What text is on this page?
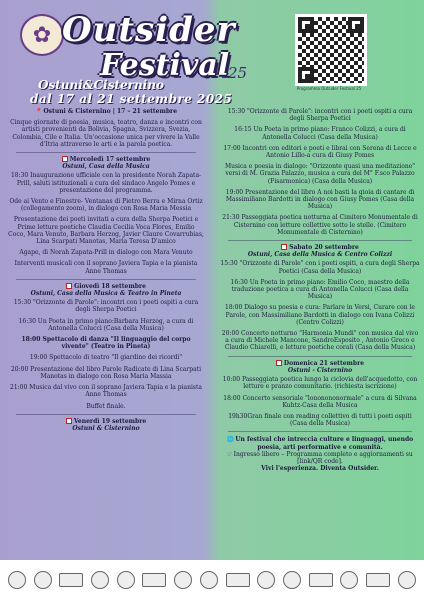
✿ Outsider
Festival
25
Ostuni&Cisternino
dal 17 al 21 settembre 2025
Programma Outsider Festival 25

📍Ostuni & Cisternino | 17 – 21 settembre

Cinque giornate di poesia, musica, teatro, danza e incontri con artisti provenienti da Bolivia, Spagna, Svizzera, Svezia, Colombia, Cile e Italia. Un'occasione unica per vivere la Valle d'Itria attraverso le arti e la parola poetica.

Mercoledì 17 settembre
Ostuni, Casa della Musica

18:30 Inaugurazione ufficiale con la presidente Norah Zapata-Prill, saluti istituzionali a cura del sindaco Angelo Pomes e presentazione del programma.

Ode ai Vento e Finestre- Ventanas di Pietro Berra e Mirna Ortiz (collegamento zoom), in dialogo con Rosa Maria Messia

Presentazione dei poeti invitati a cura della Sherpa Poetici e Prime letture poetiche Claudia Cecilia Voca Flores, Emilio Coco, Mara Venuto, Barbara Herzog, Javier Claure Covarrubias, Lina Scarpati Manotas, Maria Teresa D'amico

Agape, di Norah Zapata-Prill in dialogo con Mara Venuto

Interventi musicali con il soprano Javiera Tapia e la pianista Anne Thomas

Giovedì 18 settembre
Ostuni, Casa della Musica & Teatro in Pineta

15:30 "Orizzonte di Parole": incontri con i poeti ospiti a cura degli Sherpa Poetici

16:30 Un Poeta in primo piano:Barbara Herzog, a cura di Antonella Colucci (Casa della Musica)

18:00 Spettacolo di danza "Il linguaggio del corpo vivente" (Teatro in Pineta)

19:00 Spettacolo di teatro "Il giardino dei ricordi"

20:00 Presentazione del libro Parole Radicate di Lina Scarpati Manotas in dialogo con Rosa Maria Massia

21:00 Musica dal vivo con il soprano Javiera Tapia e la pianista Anne Thomas

Buffet finale.

Venerdì 19 settembre
Ostuni & Cisternino

15:30 "Orizzonte di Parole": incontri con i poeti ospiti a cura degli Sherpa Poetici

16:15 Un Poeta in primo piano: Franco Colizzi, a cura di Antonella Colucci (Casa della Musica)

17:00 Incontri con editori e poeti e librai con Serena di Lecce e Antonio Lillo-a cura di Giusy Pomes

Musica e poesia in dialogo: "Orizzonte quasi una meditazione" versi di M. Grazia Palazzo, musica a cura del M° F.sco Palazzo (Fisarmonica) (Casa della Musica)

19:00 Presentazione del libro A noi basti la gioia di cantare di Massimiliano Bardotti in dialogo con Giusy Pomes (Casa della Musica)

21:30 Passeggiata poetica notturna al Cimitero Monumentale di Cisternino con letture collettive sotto le stelle. (Cimitero Monumentale di Cisternino)

Sabato 20 settembre
Ostuni, Casa della Musica & Centro Colizzi

15:30 "Orizzonte di Parole" con i poeti ospiti, a cura degli Sherpa Poetici (Casa della Musica)

16:30 Un Poeta in primo piano: Emilio Coco, maestro della traduzione poetica a cura di Antonella Colucci (Casa della Musica)

18:00 Dialogo su poesia e cura: Parlare in Versi, Curare con le Parole, con Massimiliano Bardotti in dialogo con Ivana Colizzi (Centro Colizzi)

20:00 Concerto notturno "Harmonia Mundi" con musica dal vivo a cura di Michele Mancone, SandroEsposito , Antonio Greco e Claudio Chiarelli, e letture poetiche corali (Casa della Musica)

Domenica 21 settembre
Ostuni - Cisternino

10:00 Passeggiata poetica lungo la ciclovia dell'acquedotto, con letture e pranzo comunitario. (richiesta iscrizione)

18:00 Concerto sensoriale "lononononormale" a cura di Silvana Kuhtz-Casa della Musica

19h30Gran finale con reading collettivo di tutti i poeti ospiti (Casa della Musica)

🌐Un festival che intreccia culture e linguaggi, unendo poesia, arti performative e comunità.

☞Ingresso libero – Programma completo e aggiornamenti su [link/QR code].

Vivi l'esperienza. Diventa Outsider.
